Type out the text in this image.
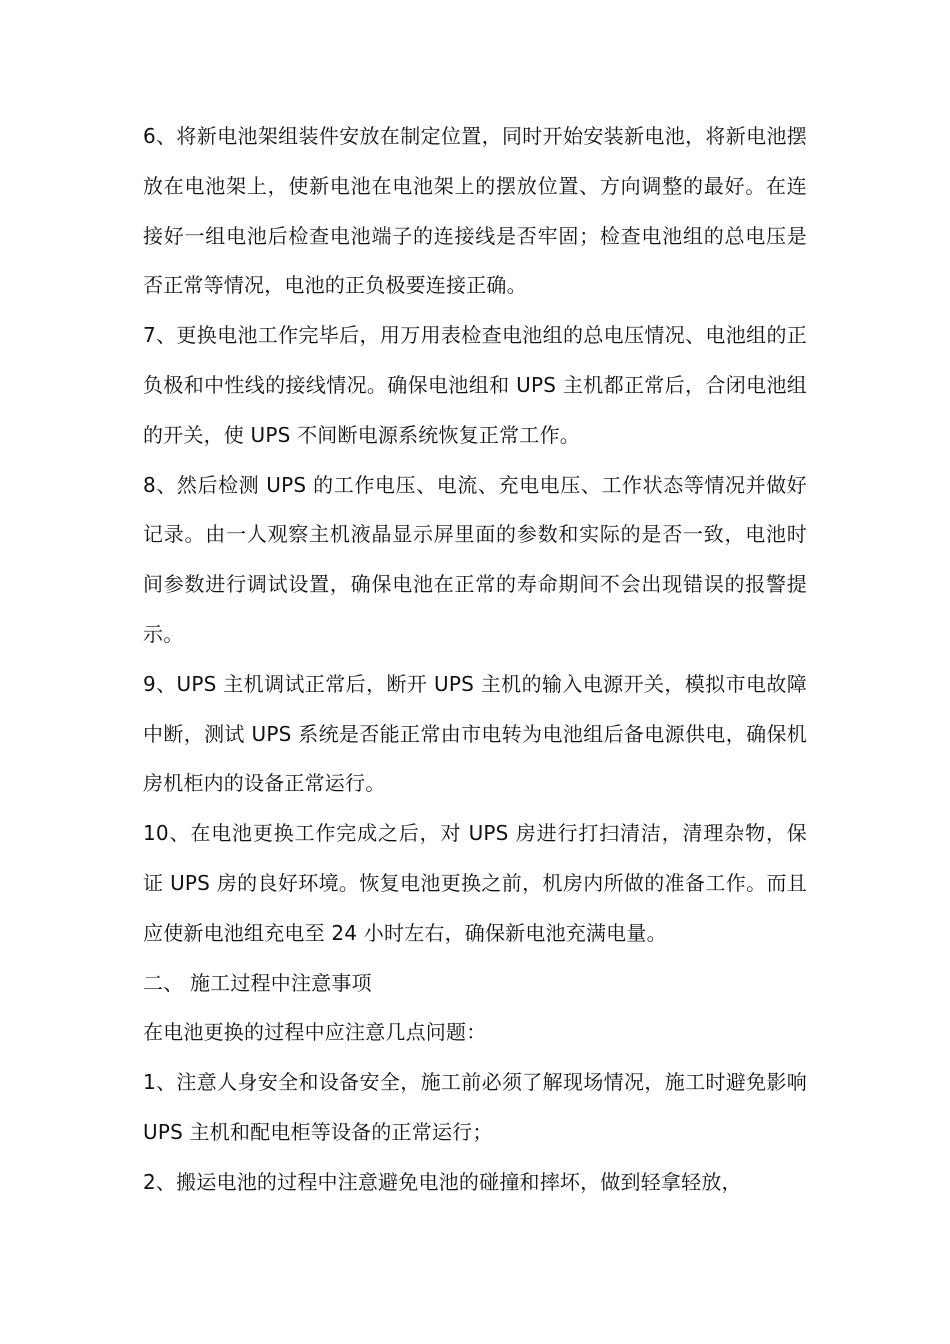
6、将新电池架组装件安放在制定位置，同时开始安装新电池，将新电池摆放在电池架上，使新电池在电池架上的摆放位置、方向调整的最好。在连接好一组电池后检查电池端子的连接线是否牢固；检查电池组的总电压是否正常等情况，电池的正负极要连接正确。

7、更换电池工作完毕后，用万用表检查电池组的总电压情况、电池组的正负极和中性线的接线情况。确保电池组和 UPS 主机都正常后，合闭电池组的开关，使 UPS 不间断电源系统恢复正常工作。

8、然后检测 UPS 的工作电压、电流、充电电压、工作状态等情况并做好记录。由一人观察主机液晶显示屏里面的参数和实际的是否一致，电池时间参数进行调试设置，确保电池在正常的寿命期间不会出现错误的报警提示。

9、UPS 主机调试正常后，断开 UPS 主机的输入电源开关，模拟市电故障中断，测试 UPS 系统是否能正常由市电转为电池组后备电源供电，确保机房机柜内的设备正常运行。

10、在电池更换工作完成之后，对 UPS 房进行打扫清洁，清理杂物，保证 UPS 房的良好环境。恢复电池更换之前，机房内所做的准备工作。而且应使新电池组充电至 24 小时左右，确保新电池充满电量。

二、 施工过程中注意事项

在电池更换的过程中应注意几点问题：

1、注意人身安全和设备安全，施工前必须了解现场情况，施工时避免影响 UPS 主机和配电柜等设备的正常运行；

2、搬运电池的过程中注意避免电池的碰撞和摔坏，做到轻拿轻放，
